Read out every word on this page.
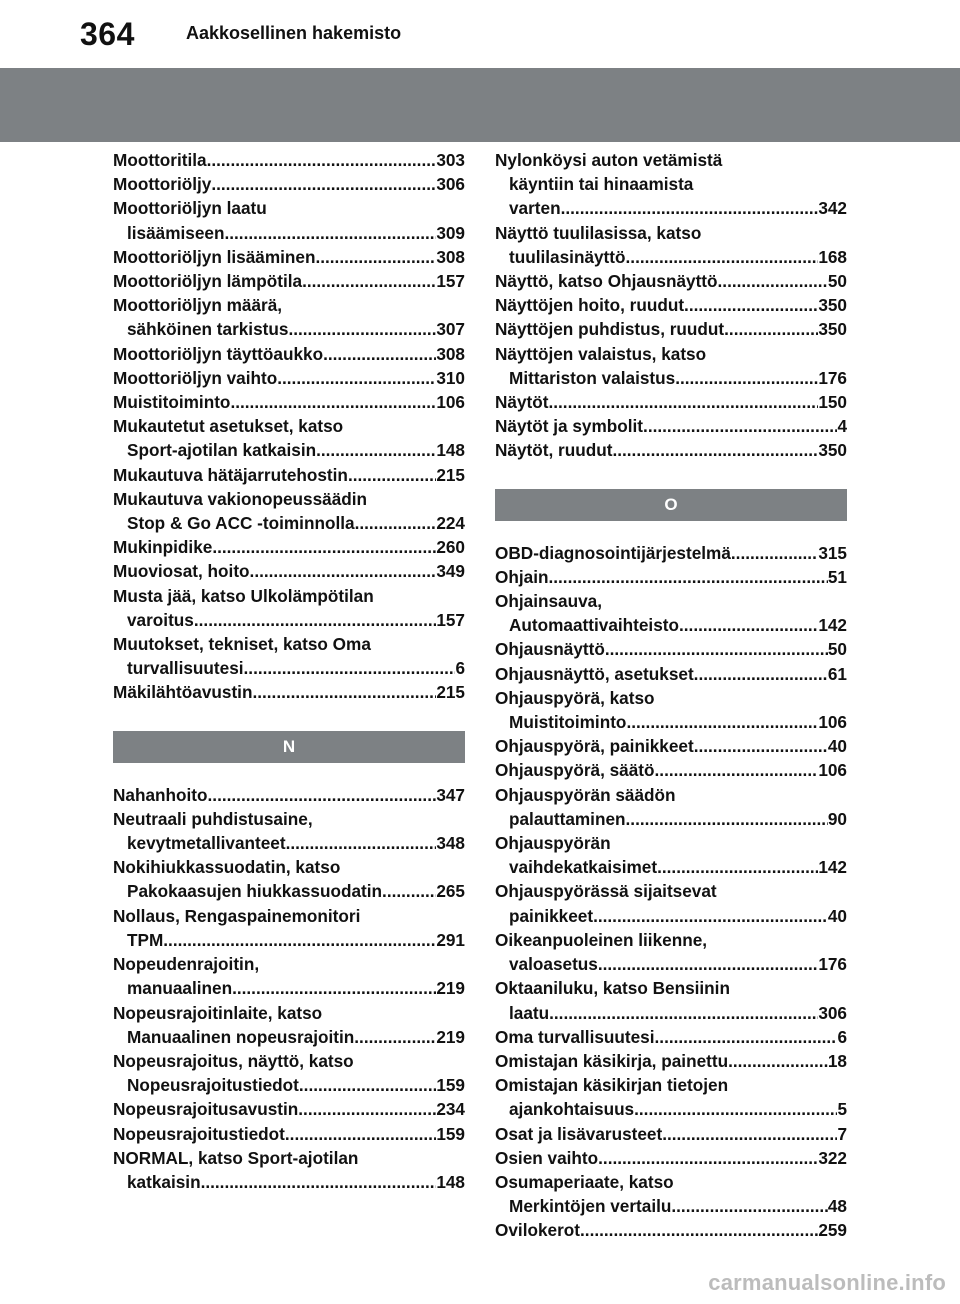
364	Aakkosellinen hakemisto
Moottoritila .....	303
Moottoriöljy .....	306
Moottoriöljyn laatu
lisäämiseen .....	309
Moottoriöljyn lisääminen .....	308
Moottoriöljyn lämpötila .....	157
Moottoriöljyn määrä,
sähköinen tarkistus .....	307
Moottoriöljyn täyttöaukko .....	308
Moottoriöljyn vaihto .....	310
Muistitoiminto .....	106
Mukautetut asetukset, katso
Sport-ajotilan katkaisin .....	148
Mukautuva hätäjarrutehostin .....	215
Mukautuva vakionopeussäädin
Stop & Go ACC -toiminnolla .....	224
Mukinpidike .....	260
Muoviosat, hoito .....	349
Musta jää, katso Ulkolämpötilan
varoitus .....	157
Muutokset, tekniset, katso Oma
turvallisuutesi .....	6
Mäkilähtöavustin .....	215
N
Nahanhoito .....	347
Neutraali puhdistusaine,
kevytmetallivanteet .....	348
Nokihiukkassuodatin, katso
Pakokaasujen hiukkassuodatin .....	265
Nollaus, Rengaspainemonitori
TPM .....	291
Nopeudenrajoitin,
manuaalinen .....	219
Nopeusrajoitinlaite, katso
Manuaalinen nopeusrajoitin .....	219
Nopeusrajoitus, näyttö, katso
Nopeusrajoitustiedot .....	159
Nopeusrajoitusavustin .....	234
Nopeusrajoitustiedot .....	159
NORMAL, katso Sport-ajotilan
katkaisin .....	148
Nylonköysi auton vetämistä
käyntiin tai hinaamista
varten .....	342
Näyttö tuulilasissa, katso
tuulilasinäyttö .....	168
Näyttö, katso Ohjausnäyttö .....	50
Näyttöjen hoito, ruudut .....	350
Näyttöjen puhdistus, ruudut .....	350
Näyttöjen valaistus, katso
Mittariston valaistus .....	176
Näytöt .....	150
Näytöt ja symbolit .....	4
Näytöt, ruudut .....	350
O
OBD-diagnosointijärjestelmä .....	315
Ohjain .....	51
Ohjainsauva,
Automaattivaihteisto .....	142
Ohjausnäyttö .....	50
Ohjausnäyttö, asetukset .....	61
Ohjauspyörä, katso
Muistitoiminto .....	106
Ohjauspyörä, painikkeet .....	40
Ohjauspyörä, säätö .....	106
Ohjauspyörän säädön
palauttaminen .....	90
Ohjauspyörän
vaihdekatkaisimet .....	142
Ohjauspyörässä sijaitsevat
painikkeet .....	40
Oikeanpuoleinen liikenne,
valoasetus .....	176
Oktaaniluku, katso Bensiinin
laatu .....	306
Oma turvallisuutesi .....	6
Omistajan käsikirja, painettu .....	18
Omistajan käsikirjan tietojen
ajankohtaisuus .....	5
Osat ja lisävarusteet .....	7
Osien vaihto .....	322
Osumaperiaate, katso
Merkintöjen vertailu .....	48
Ovilokerot .....	259
carmanualsonline.info
